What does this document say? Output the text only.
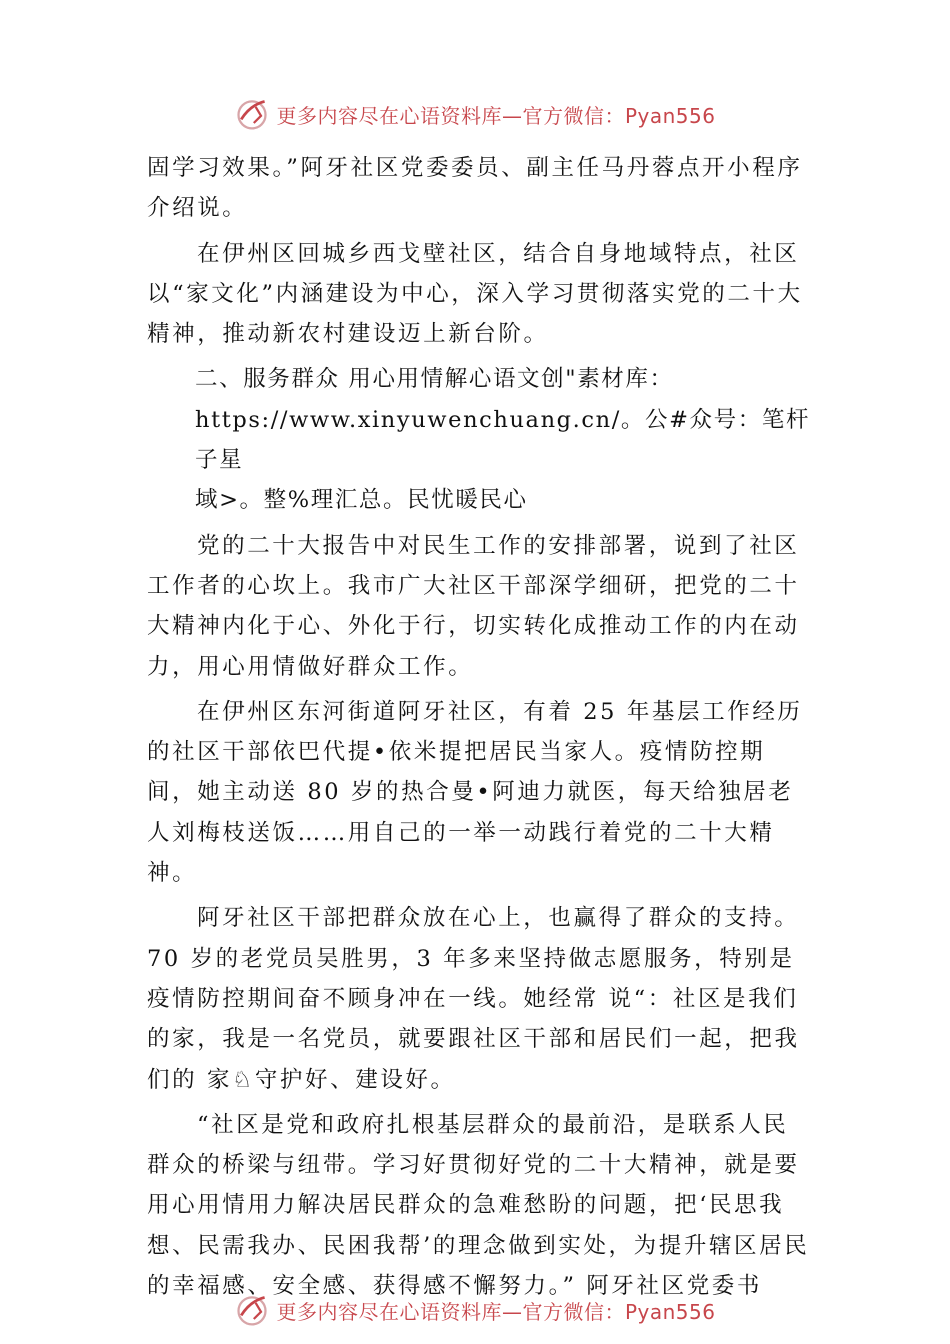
更多内容尽在心语资料库—官方微信：Pyan556

固学习效果。”阿牙社区党委委员、副主任马丹蓉点开小程序介绍说。

在伊州区回城乡西戈壁社区，结合自身地域特点，社区以“家文化”内涵建设为中心，深入学习贯彻落实党的二十大精神，推动新农村建设迈上新台阶。

二、服务群众 用心用情解心语文创"素材库：

https://www.xinyuwenchuang.cn/。公#众号：笔杆子星

域>。整%理汇总。民忧暖民心

党的二十大报告中对民生工作的安排部署，说到了社区工作者的心坎上。我市广大社区干部深学细研，把党的二十大精神内化于心、外化于行，切实转化成推动工作的内在动力，用心用情做好群众工作。

在伊州区东河街道阿牙社区，有着 25 年基层工作经历的社区干部依巴代提•依米提把居民当家人。疫情防控期间，她主动送 80 岁的热合曼•阿迪力就医，每天给独居老人刘梅枝送饭……用自己的一举一动践行着党的二十大精神。

阿牙社区干部把群众放在心上，也赢得了群众的支持。70 岁的老党员吴胜男，3 年多来坚持做志愿服务，特别是疫情防控期间奋不顾身冲在一线。她经常 说“：社区是我们的家，我是一名党员，就要跟社区干部和居民们一起，把我们的 家♘守护好、建设好。

“社区是党和政府扎根基层群众的最前沿，是联系人民群众的桥梁与纽带。学习好贯彻好党的二十大精神，就是要用心用情用力解决居民群众的急难愁盼的问题，把‘民思我想、民需我办、民困我帮’的理念做到实处，为提升辖区居民的幸福感、安全感、获得感不懈努力。” 阿牙社区党委书

更多内容尽在心语资料库—官方微信：Pyan556
